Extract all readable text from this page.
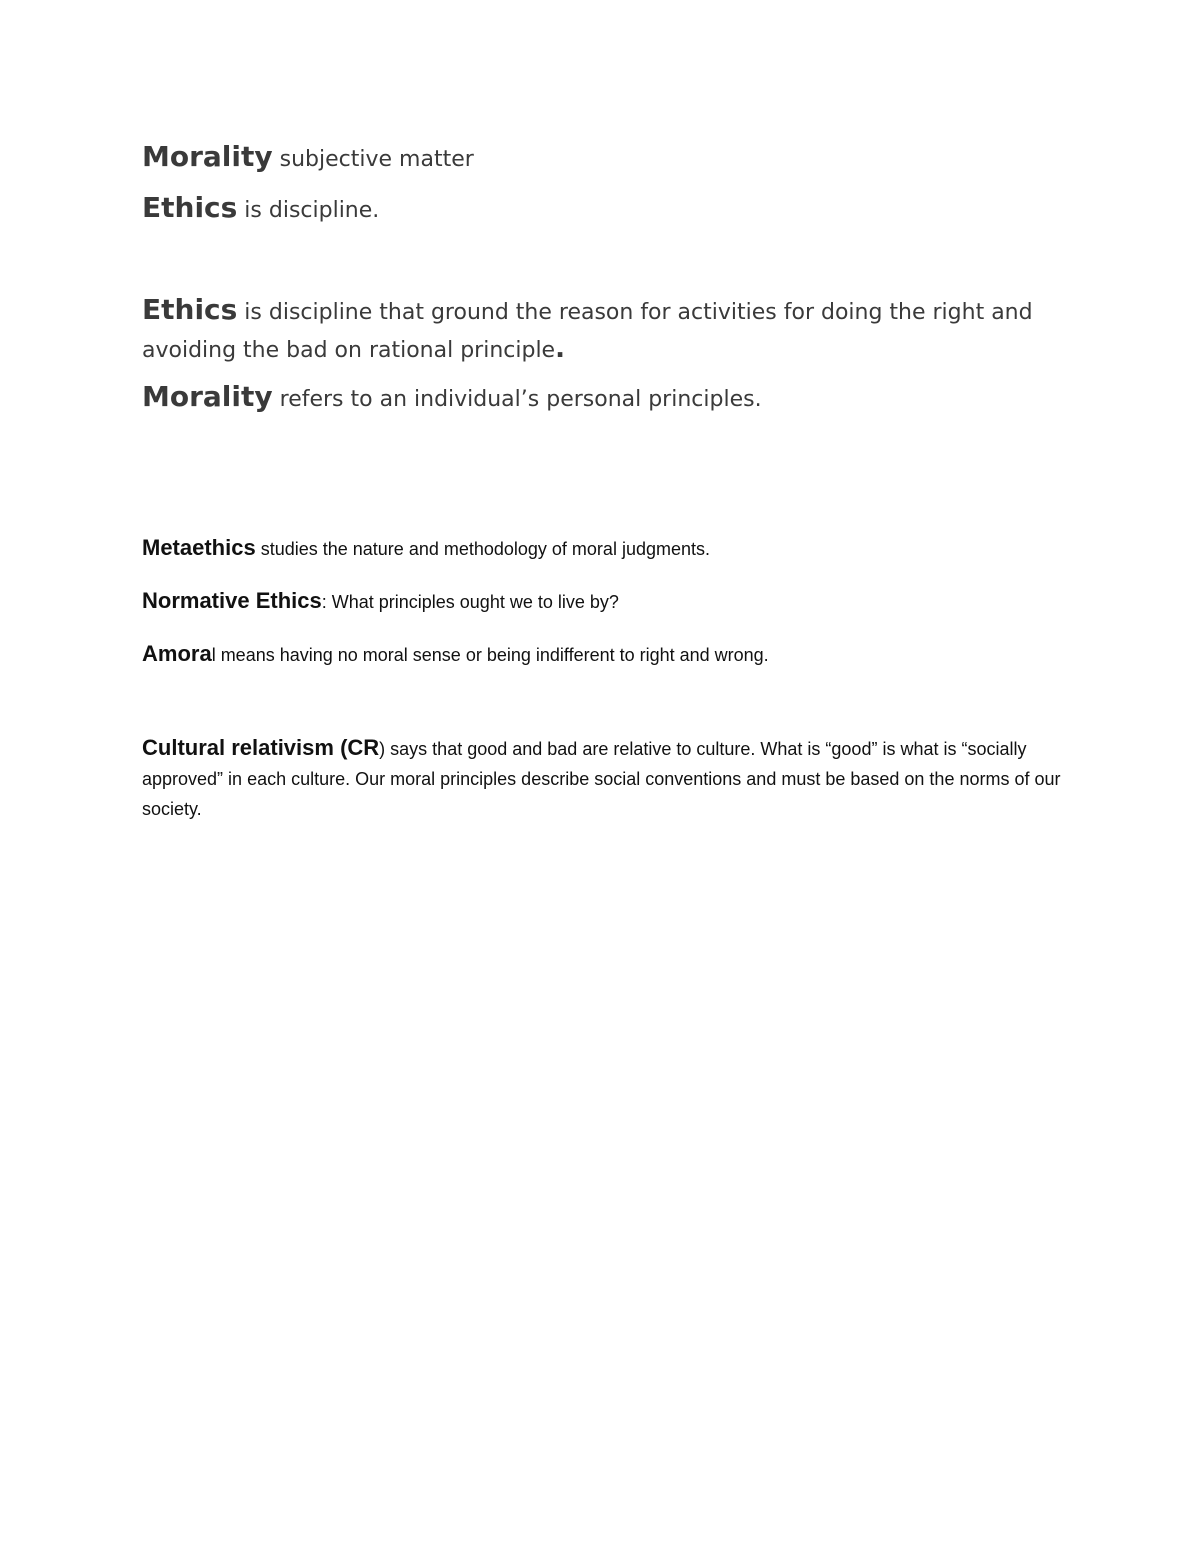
Morality subjective matter

Ethics is discipline.

Ethics is discipline that ground the reason for activities for doing the right and avoiding the bad on rational principle.

Morality refers to an individual’s personal principles.

Metaethics studies the nature and methodology of moral judgments.

Normative Ethics: What principles ought we to live by?

Amoral means having no moral sense or being indifferent to right and wrong.

Cultural relativism (CR) says that good and bad are relative to culture. What is “good” is what is “socially approved” in each culture. Our moral principles describe social conventions and must be based on the norms of our society.
